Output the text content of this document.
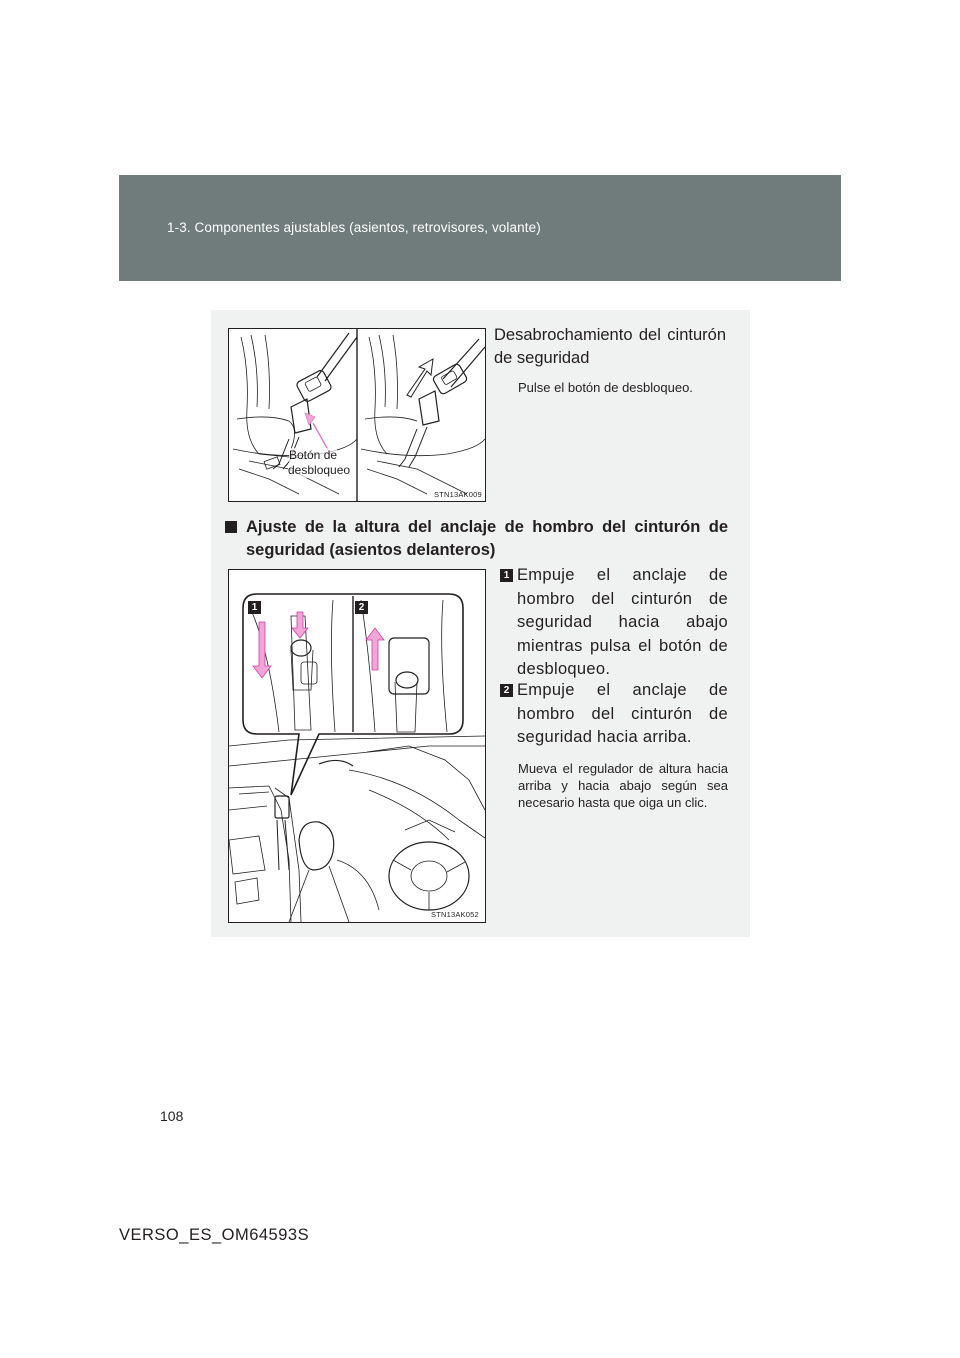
1-3. Componentes ajustables (asientos, retrovisores, volante)
Botón de
desbloqueo
STN13AK009
Desabrochamiento del cinturón de seguridad
Pulse el botón de desbloqueo.
Ajuste de la altura del anclaje de hombro del cinturón de seguridad (asientos delanteros)
1	2
STN13AK052
1 Empuje el anclaje de hombro del cinturón de seguridad hacia abajo mientras pulsa el botón de desbloqueo.
2 Empuje el anclaje de hombro del cinturón de seguridad hacia arriba.
Mueva el regulador de altura hacia arriba y hacia abajo según sea necesario hasta que oiga un clic.
108
VERSO_ES_OM64593S
